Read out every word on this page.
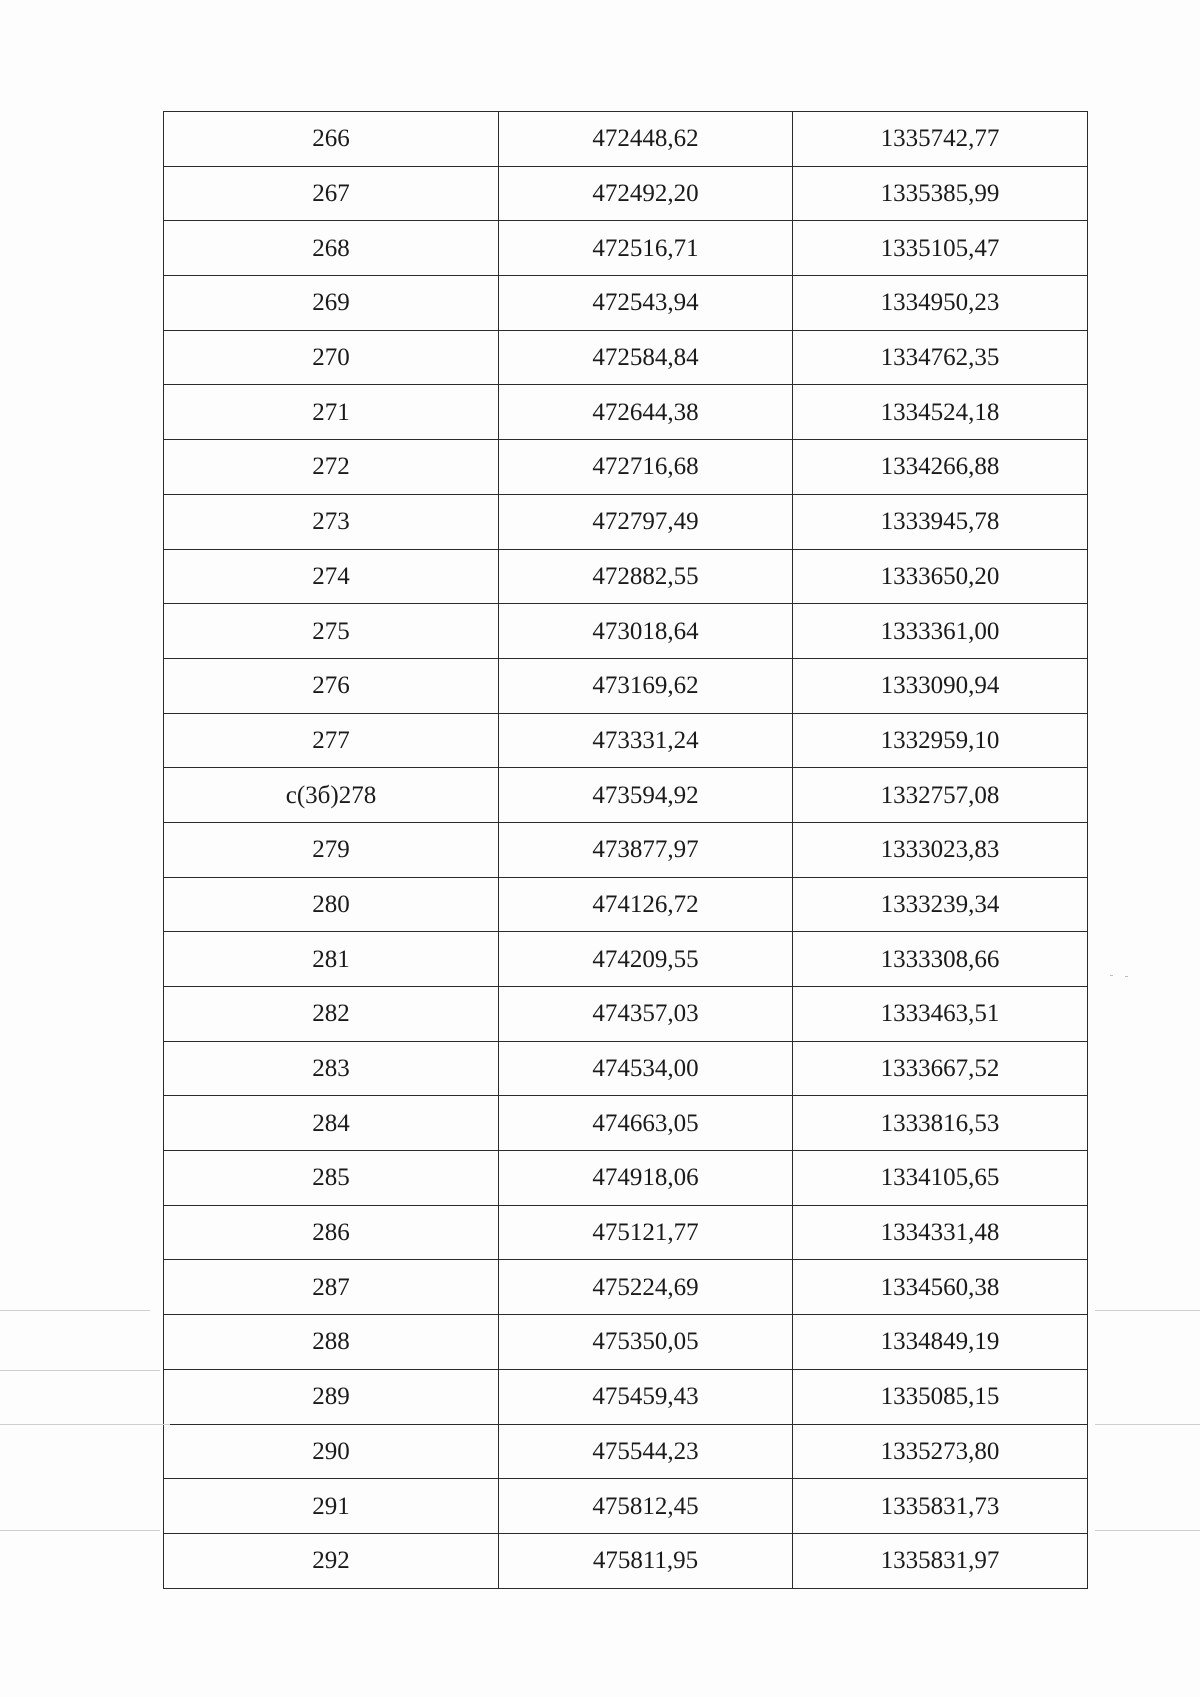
266	472448,62	1335742,77
267	472492,20	1335385,99
268	472516,71	1335105,47
269	472543,94	1334950,23
270	472584,84	1334762,35
271	472644,38	1334524,18
272	472716,68	1334266,88
273	472797,49	1333945,78
274	472882,55	1333650,20
275	473018,64	1333361,00
276	473169,62	1333090,94
277	473331,24	1332959,10
c(3б)278	473594,92	1332757,08
279	473877,97	1333023,83
280	474126,72	1333239,34
281	474209,55	1333308,66
282	474357,03	1333463,51
283	474534,00	1333667,52
284	474663,05	1333816,53
285	474918,06	1334105,65
286	475121,77	1334331,48
287	475224,69	1334560,38
288	475350,05	1334849,19
289	475459,43	1335085,15
290	475544,23	1335273,80
291	475812,45	1335831,73
292	475811,95	1335831,97
